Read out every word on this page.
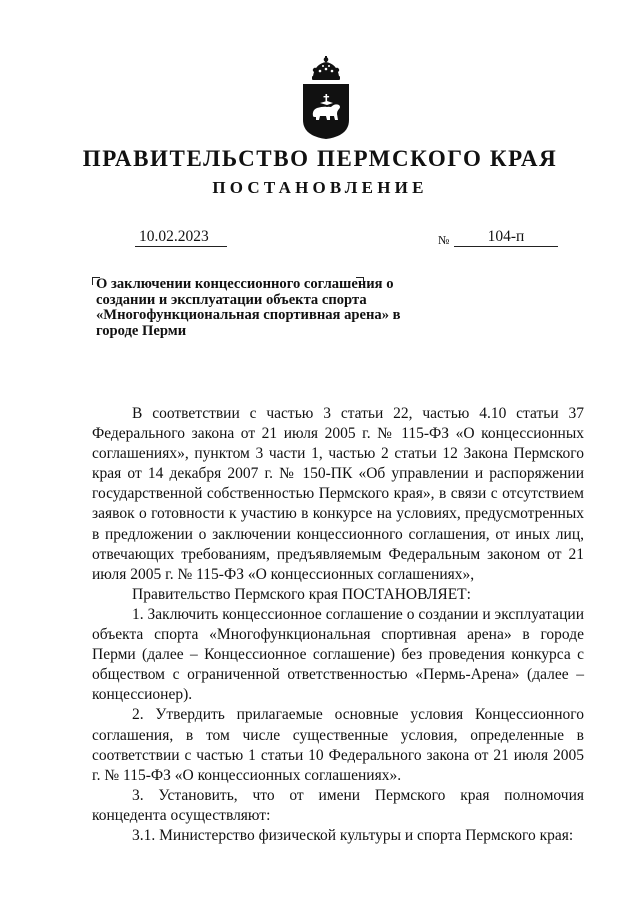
ПРАВИТЕЛЬСТВО ПЕРМСКОГО КРАЯ
ПОСТАНОВЛЕНИЕ
10.02.2023	№	104-п
О заключении концессионного соглашения о создании и эксплуатации объекта спорта «Многофункциональная спортивная арена» в городе Перми

В соответствии с частью 3 статьи 22, частью 4.10 статьи 37 Федерального закона от 21 июля 2005 г. № 115-ФЗ «О концессионных соглашениях», пунктом 3 части 1, частью 2 статьи 12 Закона Пермского края от 14 декабря 2007 г. № 150-ПК «Об управлении и распоряжении государственной собственностью Пермского края», в связи с отсутствием заявок о готовности к участию в конкурсе на условиях, предусмотренных в предложении о заключении концессионного соглашения, от иных лиц, отвечающих требованиям, предъявляемым Федеральным законом от 21 июля 2005 г. № 115-ФЗ «О концессионных соглашениях»,

Правительство Пермского края ПОСТАНОВЛЯЕТ:

1. Заключить концессионное соглашение о создании и эксплуатации объекта спорта «Многофункциональная спортивная арена» в городе Перми (далее – Концессионное соглашение) без проведения конкурса с обществом с ограниченной ответственностью «Пермь-Арена» (далее – концессионер).

2. Утвердить прилагаемые основные условия Концессионного соглашения, в том числе существенные условия, определенные в соответствии с частью 1 статьи 10 Федерального закона от 21 июля 2005 г. № 115-ФЗ «О концессионных соглашениях».

3. Установить, что от имени Пермского края полномочия концедента осуществляют:

3.1. Министерство физической культуры и спорта Пермского края:
